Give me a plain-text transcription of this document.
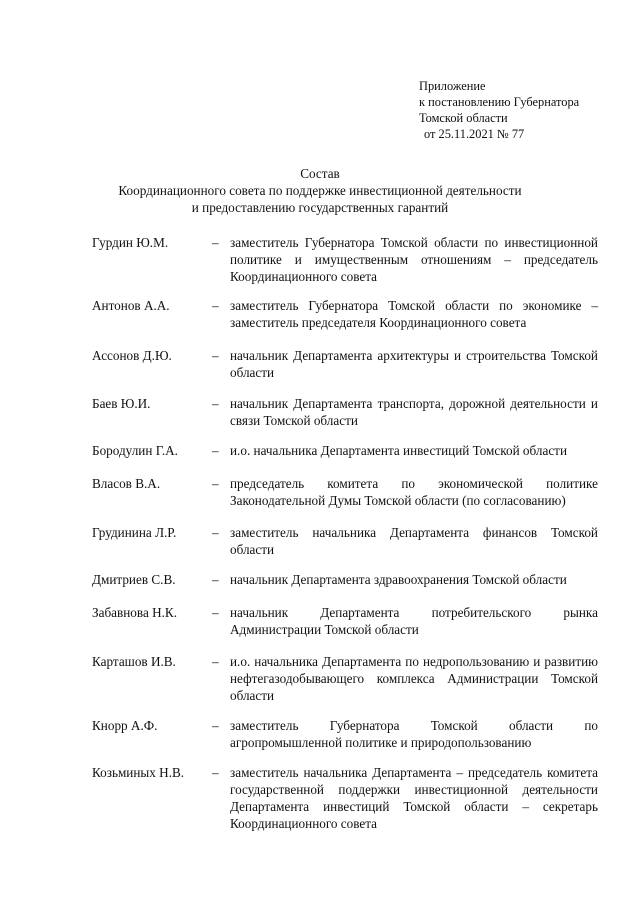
Приложение
к постановлению Губернатора
Томской области
от 25.11.2021 № 77
Состав
Координационного совета по поддержке инвестиционной деятельности
и предоставлению государственных гарантий
Гурдин Ю.М.	– заместитель Губернатора Томской области по инвестиционной политике и имущественным отношениям – председатель Координационного совета
Антонов А.А.	– заместитель Губернатора Томской области по экономике – заместитель председателя Координационного совета
Ассонов Д.Ю.	– начальник Департамента архитектуры и строительства Томской области
Баев Ю.И.	– начальник Департамента транспорта, дорожной деятельности и связи Томской области
Бородулин Г.А.	– и.о. начальника Департамента инвестиций Томской области
Власов В.А.	– председатель комитета по экономической политике Законодательной Думы Томской области (по согласованию)
Грудинина Л.Р.	– заместитель начальника Департамента финансов Томской области
Дмитриев С.В.	– начальник Департамента здравоохранения Томской области
Забавнова Н.К.	– начальник Департамента потребительского рынка Администрации Томской области
Карташов И.В.	– и.о. начальника Департамента по недропользованию и развитию нефтегазодобывающего комплекса Администрации Томской области
Кнорр А.Ф.	– заместитель Губернатора Томской области по агропромышленной политике и природопользованию
Козьминых Н.В. – заместитель начальника Департамента – председатель комитета государственной поддержки инвестиционной деятельности Департамента инвестиций Томской области – секретарь Координационного совета
